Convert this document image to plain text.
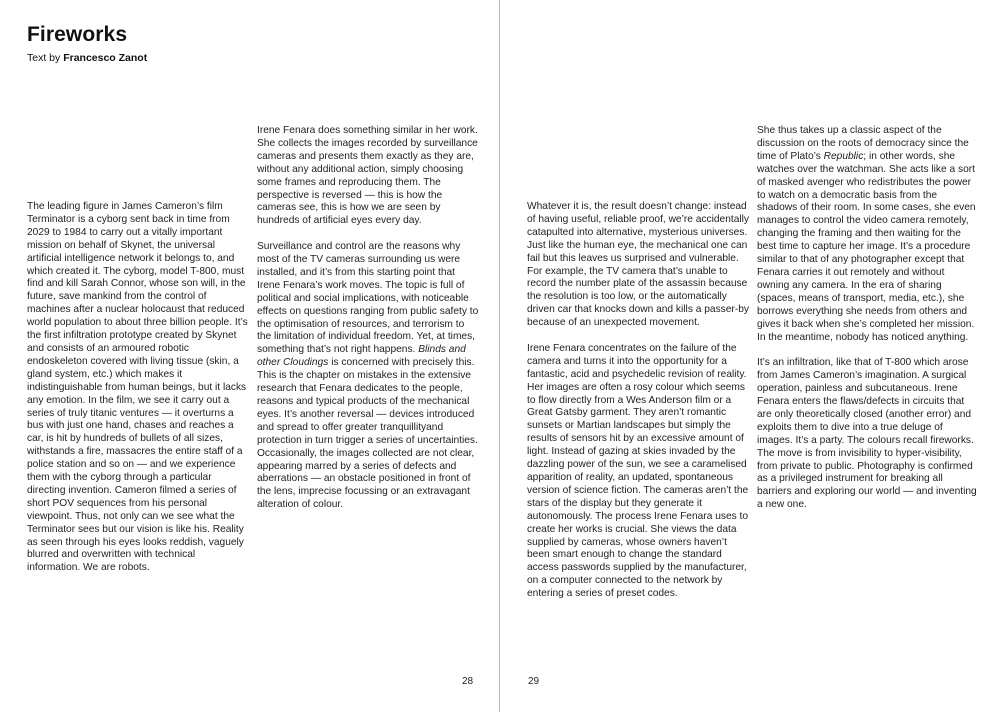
Fireworks
Text by Francesco Zanot

The leading figure in James Cameron’s film Terminator is a cyborg sent back in time from 2029 to 1984 to carry out a vitally important mission on behalf of Skynet, the universal artificial intelligence network it belongs to, and which created it. The cyborg, model T-800, must find and kill Sarah Connor, whose son will, in the future, save mankind from the control of machines after a nuclear holocaust that reduced world population to about three billion people. It’s the first infiltration prototype created by Skynet and consists of an armoured robotic endoskeleton covered with living tissue (skin, a gland system, etc.) which makes it indistinguishable from human beings, but it lacks any emotion. In the film, we see it carry out a series of truly titanic ventures — it overturns a bus with just one hand, chases and reaches a car, is hit by hundreds of bullets of all sizes, withstands a fire, massacres the entire staff of a police station and so on — and we experience them with the cyborg through a particular directing invention. Cameron filmed a series of short POV sequences from his personal viewpoint. Thus, not only can we see what the Terminator sees but our vision is like his. Reality as seen through his eyes looks reddish, vaguely blurred and overwritten with technical information. We are robots.

Irene Fenara does something similar in her work. She collects the images recorded by surveillance cameras and presents them exactly as they are, without any additional action, simply choosing some frames and reproducing them. The perspective is reversed — this is how the cameras see, this is how we are seen by hundreds of artificial eyes every day.

Surveillance and control are the reasons why most of the TV cameras surrounding us were installed, and it’s from this starting point that Irene Fenara’s work moves. The topic is full of political and social implications, with noticeable effects on questions ranging from public safety to the optimisation of resources, and terrorism to the limitation of individual freedom. Yet, at times, something that’s not right happens. Blinds and other Cloudings is concerned with precisely this. This is the chapter on mistakes in the extensive research that Fenara dedicates to the people, reasons and typical products of the mechanical eyes. It’s another reversal — devices introduced and spread to offer greater tranquillityand protection in turn trigger a series of uncertainties. Occasionally, the images collected are not clear, appearing marred by a series of defects and aberrations — an obstacle positioned in front of the lens, imprecise focussing or an extravagant alteration of colour.

Whatever it is, the result doesn’t change: instead of having useful, reliable proof, we’re accidentally catapulted into alternative, mysterious universes. Just like the human eye, the mechanical one can fail but this leaves us surprised and vulnerable. For example, the TV camera that’s unable to record the number plate of the assassin because the resolution is too low, or the automatically driven car that knocks down and kills a passer-by because of an unexpected movement.

Irene Fenara concentrates on the failure of the camera and turns it into the opportunity for a fantastic, acid and psychedelic revision of reality. Her images are often a rosy colour which seems to flow directly from a Wes Anderson film or a Great Gatsby garment. They aren’t romantic sunsets or Martian landscapes but simply the results of sensors hit by an excessive amount of light. Instead of gazing at skies invaded by the dazzling power of the sun, we see a caramelised apparition of reality, an updated, spontaneous version of science fiction. The cameras aren’t the stars of the display but they generate it autonomously. The process Irene Fenara uses to create her works is crucial. She views the data supplied by cameras, whose owners haven’t been smart enough to change the standard access passwords supplied by the manufacturer, on a computer connected to the network by entering a series of preset codes.

She thus takes up a classic aspect of the discussion on the roots of democracy since the time of Plato’s Republic; in other words, she watches over the watchman. She acts like a sort of masked avenger who redistributes the power to watch on a democratic basis from the shadows of their room. In some cases, she even manages to control the video camera remotely, changing the framing and then waiting for the best time to capture her image. It’s a procedure similar to that of any photographer except that Fenara carries it out remotely and without owning any camera. In the era of sharing (spaces, means of transport, media, etc.), she borrows everything she needs from others and gives it back when she’s completed her mission. In the meantime, nobody has noticed anything.

It’s an infiltration, like that of T-800 which arose from James Cameron’s imagination. A surgical operation, painless and subcutaneous. Irene Fenara enters the flaws/defects in circuits that are only theoretically closed (another error) and exploits them to dive into a true deluge of images. It’s a party. The colours recall fireworks. The move is from invisibility to hyper-visibility, from private to public. Photography is confirmed as a privileged instrument for breaking all barriers and exploring our world — and inventing a new one.

28	29
